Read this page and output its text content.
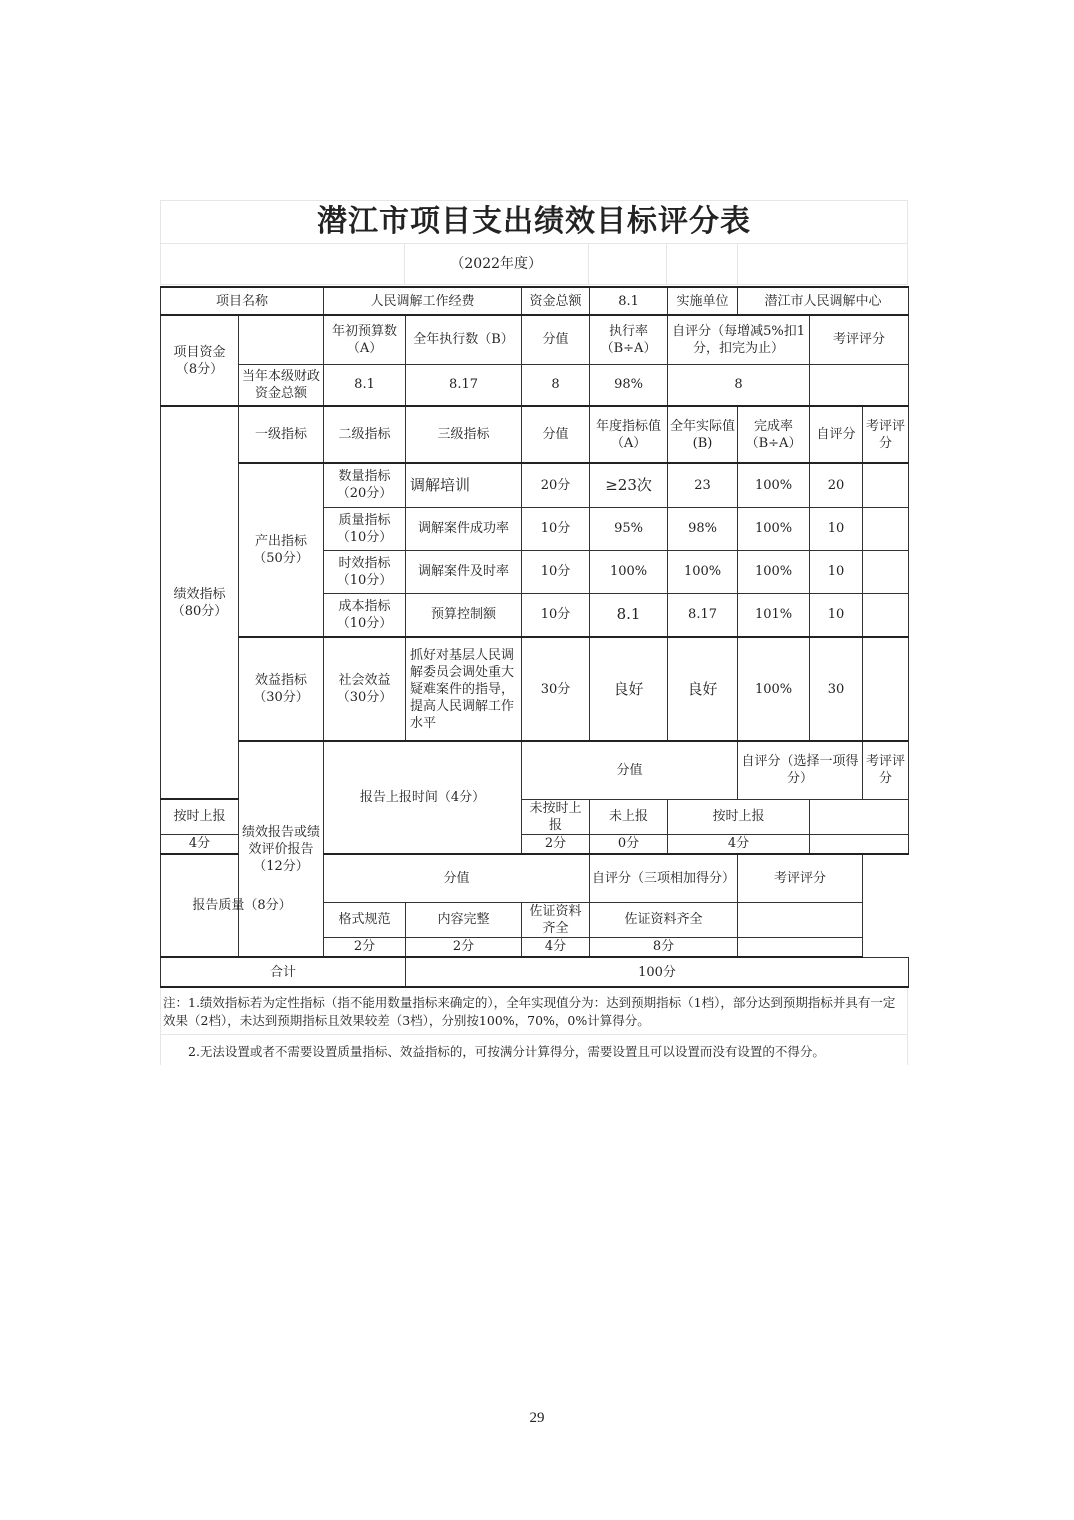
潜江市项目支出绩效目标评分表
（2022年度）
项目名称		人民调解工作经费		资金总额	8.1	实施单位	潜江市人民调解中心			
项目资金（8分）		年初预算数（A）	全年执行数（B）	分值	执行率（B÷A）	自评分（每增减5%扣1分，扣完为止）		考评评分		
	当年本级财政资金总额	8.1	8.17	8	98%	8				
绩效指标（80分）	一级指标	二级指标	三级指标	分值	年度指标值（A）	全年实际值(B)	完成率（B÷A）	自评分	考评评分	
	产出指标（50分）	数量指标（20分）	调解培训	20分	≥23次	23	100%	20		
		质量指标（10分）	调解案件成功率	10分	95%	98%	100%	10		
		时效指标（10分）	调解案件及时率	10分	100%	100%	100%	10		
		成本指标（10分）	预算控制额	10分	8.1	8.17	101%	10		
	效益指标（30分）	社会效益（30分）	抓好对基层人民调解委员会调处重大疑难案件的指导，提高人民调解工作水平	30分	良好	良好	100%	30		
	绩效报告或绩效评价报告（12分）	报告上报时间（4分）		分值			自评分（选择一项得分）		考评评分	
按时上报				未按时上报	未上报	按时上报				
4分				2分	0分	4分				
报告质量（8分）		分值			自评分（三项相加得分）		考评评分			
		格式规范	内容完整	佐证资料齐全	佐证资料齐全					
		2分	2分	4分	8分					
合计			100分							
注：1.绩效指标若为定性指标（指不能用数量指标来确定的），全年实现值分为：达到预期指标（1档），部分达到预期指标并具有一定效果（2档），未达到预期指标且效果较差（3档），分别按100%，70%，0%计算得分。
2.无法设置或者不需要设置质量指标、效益指标的，可按满分计算得分，需要设置且可以设置而没有设置的不得分。
29
